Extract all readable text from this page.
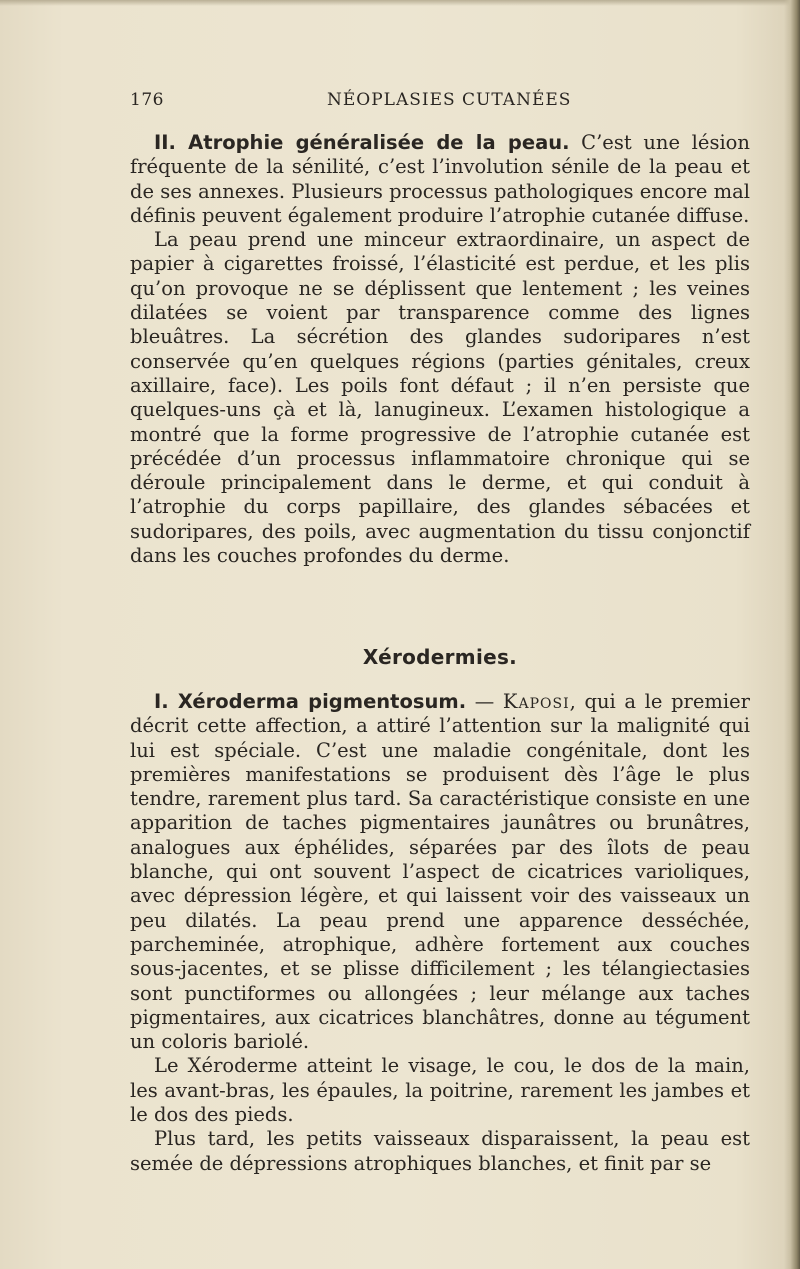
176	NÉOPLASIES CUTANÉES

II. Atrophie généralisée de la peau. C’est une lésion fréquente de la sénilité, c’est l’involution sénile de la peau et de ses annexes. Plusieurs processus pathologiques encore mal définis peuvent également produire l’atrophie cutanée diffuse.

La peau prend une minceur extraordinaire, un aspect de papier à cigarettes froissé, l’élasticité est perdue, et les plis qu’on provoque ne se déplissent que lentement ; les veines dilatées se voient par transparence comme des lignes bleuâtres. La sécrétion des glandes sudoripares n’est conservée qu’en quelques régions (parties génitales, creux axillaire, face). Les poils font défaut ; il n’en persiste que quelques-uns çà et là, lanugineux. L’examen histologique a montré que la forme progressive de l’atrophie cutanée est précédée d’un processus inflammatoire chronique qui se déroule principalement dans le derme, et qui conduit à l’atrophie du corps papillaire, des glandes sébacées et sudoripares, des poils, avec augmentation du tissu conjonctif dans les couches profondes du derme.

Xérodermies.

I. Xéroderma pigmentosum. — Kaposi, qui a le premier décrit cette affection, a attiré l’attention sur la malignité qui lui est spéciale. C’est une maladie congénitale, dont les premières manifestations se produisent dès l’âge le plus tendre, rarement plus tard. Sa caractéristique consiste en une apparition de taches pigmentaires jaunâtres ou brunâtres, analogues aux éphélides, séparées par des îlots de peau blanche, qui ont souvent l’aspect de cicatrices varioliques, avec dépression légère, et qui laissent voir des vaisseaux un peu dilatés. La peau prend une apparence desséchée, parcheminée, atrophique, adhère fortement aux couches sous-jacentes, et se plisse difficilement ; les télangiectasies sont punctiformes ou allongées ; leur mélange aux taches pigmentaires, aux cicatrices blanchâtres, donne au tégument un coloris bariolé.

Le Xéroderme atteint le visage, le cou, le dos de la main, les avant-bras, les épaules, la poitrine, rarement les jambes et le dos des pieds.

Plus tard, les petits vaisseaux disparaissent, la peau est semée de dépressions atrophiques blanches, et finit par se
